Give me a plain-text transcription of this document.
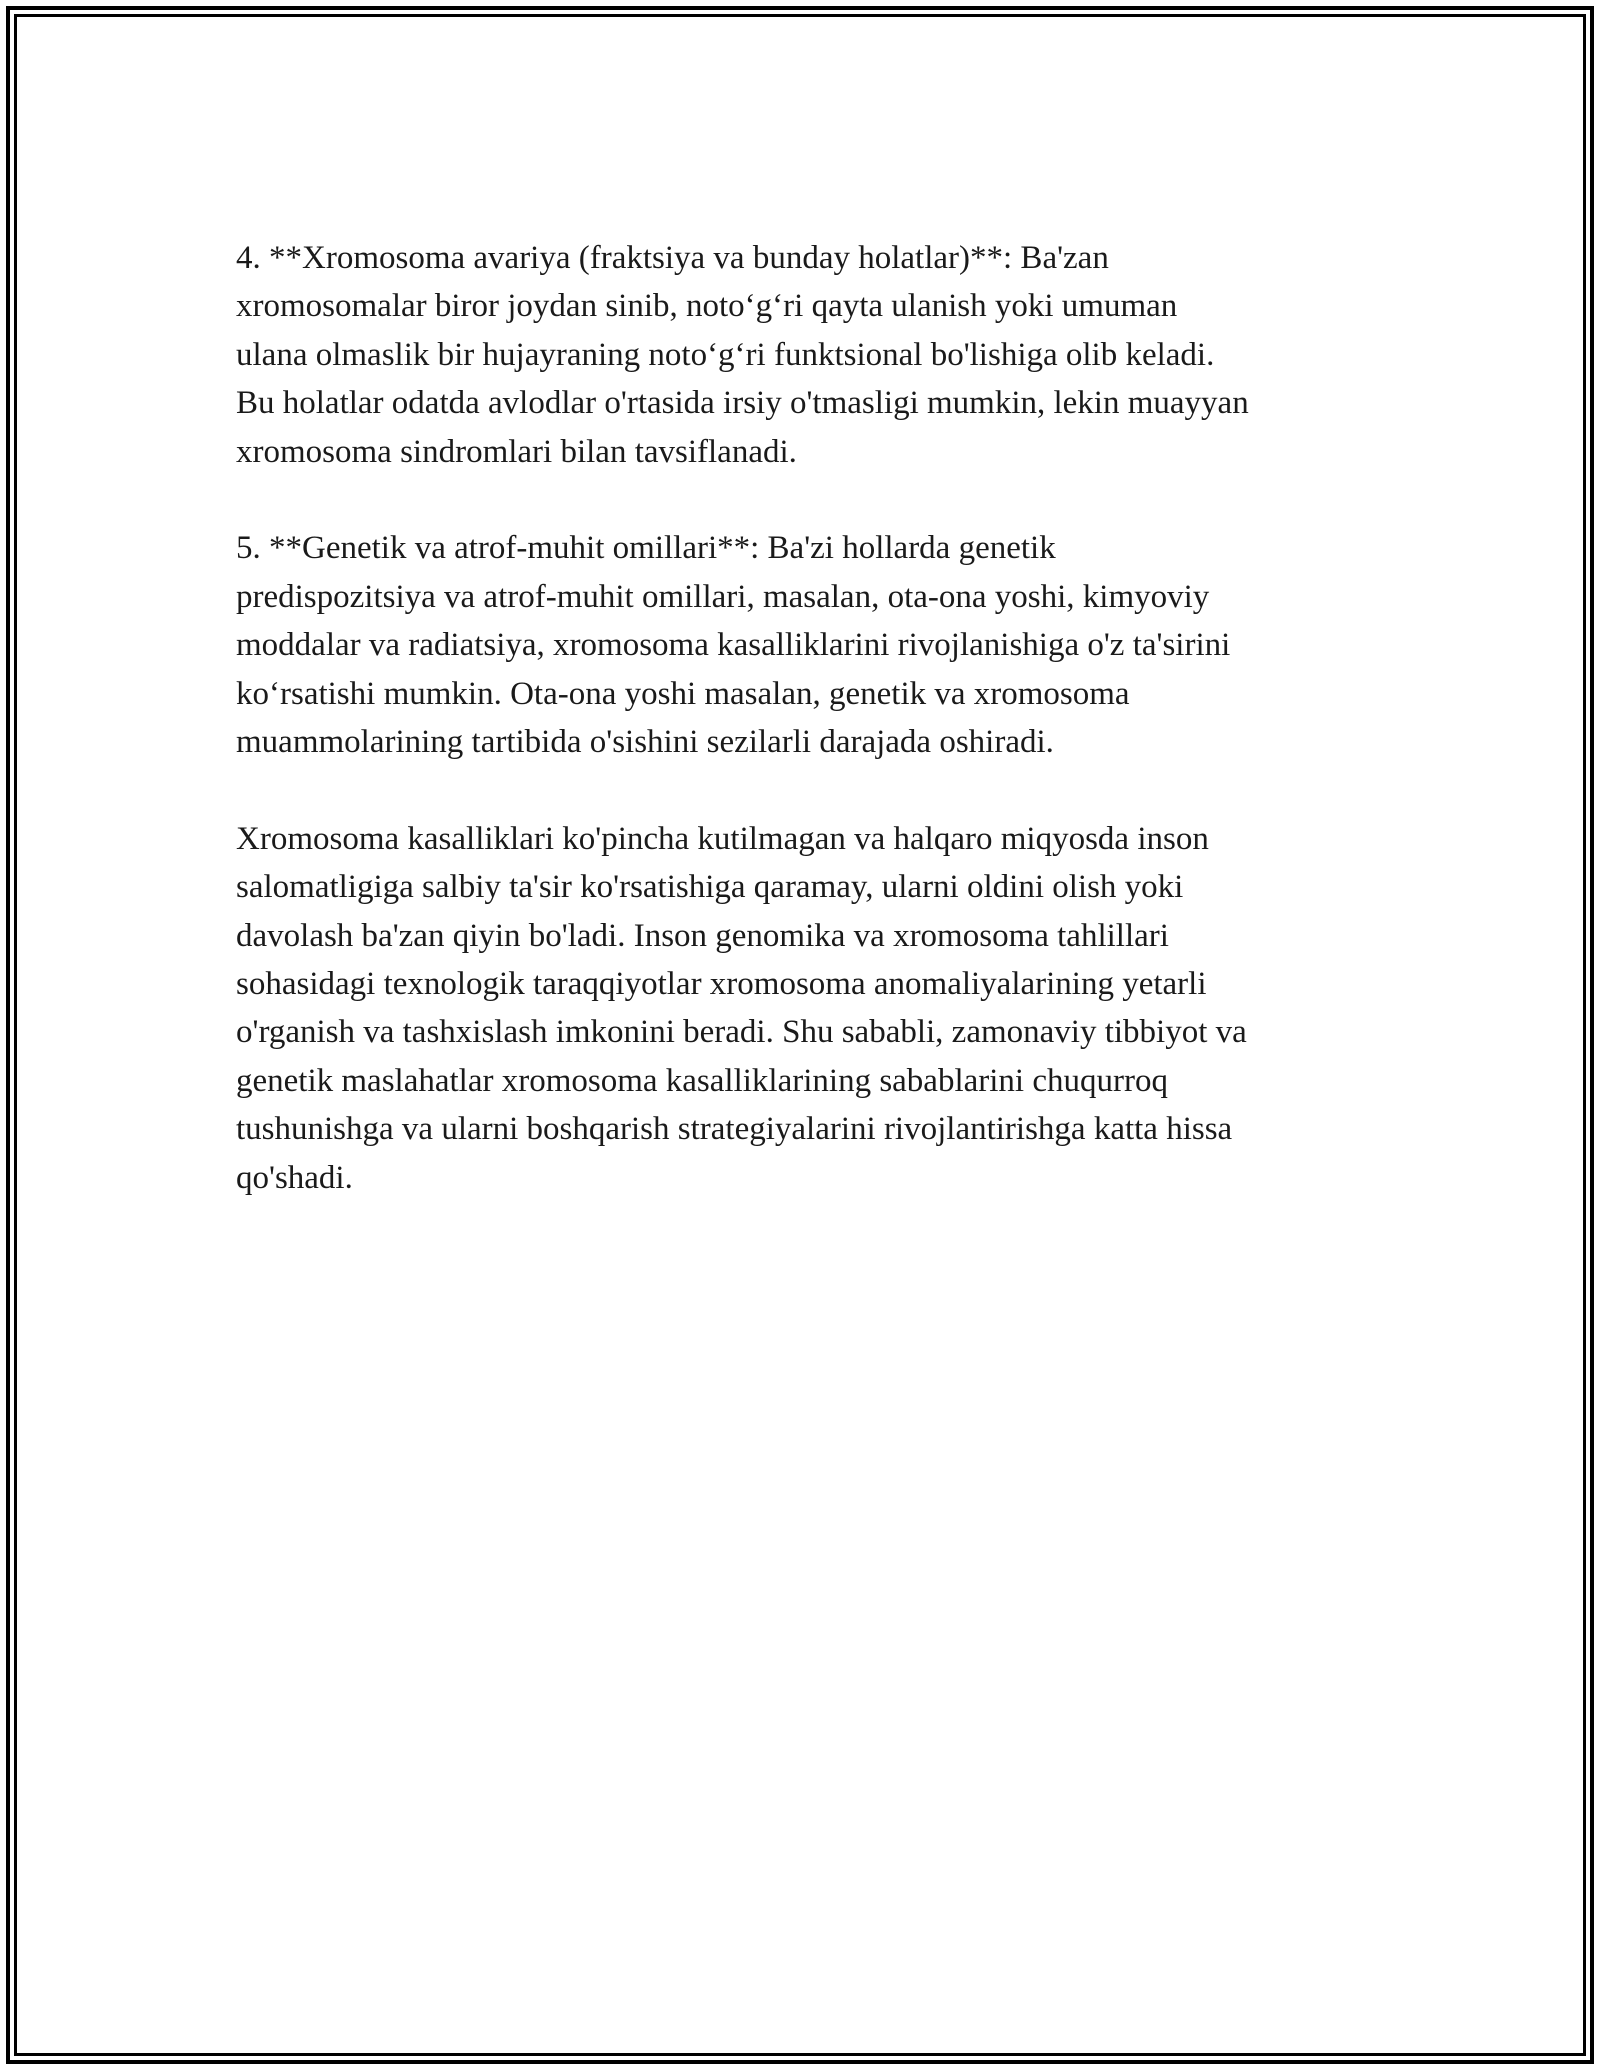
4. **Xromosoma avariya (fraktsiya va bunday holatlar)**: Ba'zan
xromosomalar biror joydan sinib, noto‘g‘ri qayta ulanish yoki umuman
ulana olmaslik bir hujayraning noto‘g‘ri funktsional bo'lishiga olib keladi.
Bu holatlar odatda avlodlar o'rtasida irsiy o'tmasligi mumkin, lekin muayyan
xromosoma sindromlari bilan tavsiflanadi.

5. **Genetik va atrof-muhit omillari**: Ba'zi hollarda genetik
predispozitsiya va atrof-muhit omillari, masalan, ota-ona yoshi, kimyoviy
moddalar va radiatsiya, xromosoma kasalliklarini rivojlanishiga o'z ta'sirini
ko‘rsatishi mumkin. Ota-ona yoshi masalan, genetik va xromosoma
muammolarining tartibida o'sishini sezilarli darajada oshiradi.

Xromosoma kasalliklari ko'pincha kutilmagan va halqaro miqyosda inson
salomatligiga salbiy ta'sir ko'rsatishiga qaramay, ularni oldini olish yoki
davolash ba'zan qiyin bo'ladi. Inson genomika va xromosoma tahlillari
sohasidagi texnologik taraqqiyotlar xromosoma anomaliyalarining yetarli
o'rganish va tashxislash imkonini beradi. Shu sababli, zamonaviy tibbiyot va
genetik maslahatlar xromosoma kasalliklarining sabablarini chuqurroq
tushunishga va ularni boshqarish strategiyalarini rivojlantirishga katta hissa
qo'shadi.
